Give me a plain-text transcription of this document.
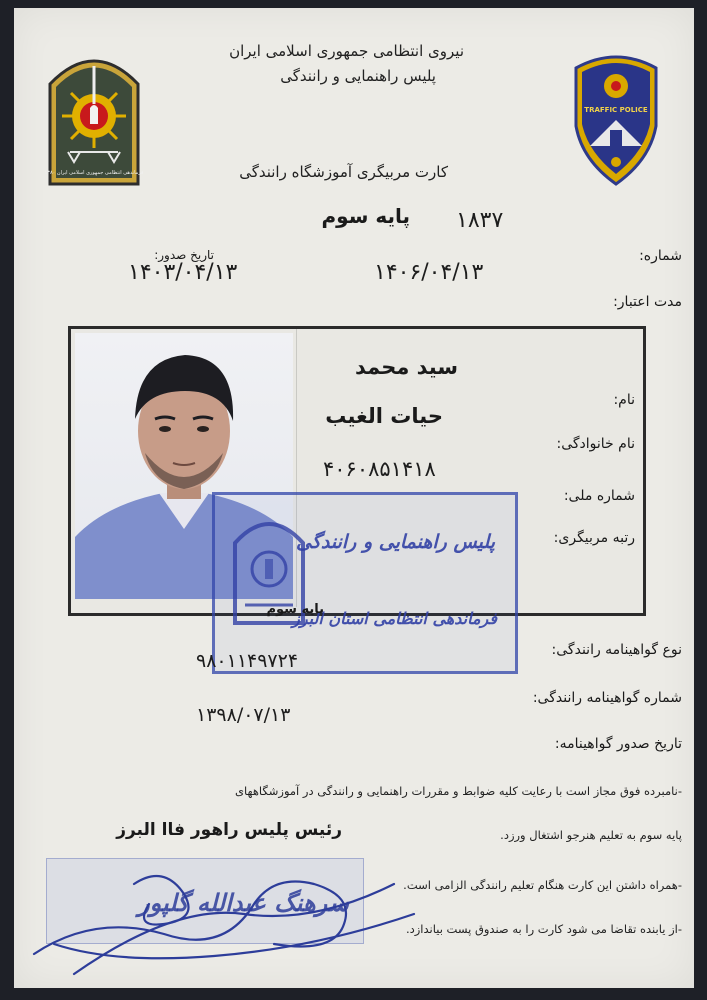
نیروی انتظامی جمهوری اسلامی ایران
پلیس راهنمایی و رانندگی
۱۳۸۰ فرماندهی انتظامی جمهوری اسلامی ایران
TRAFFIC POLICE
کارت مربیگری آموزشگاه رانندگی
۱۸۳۷
پایه سوم
شماره:
۱۴۰۶/۰۴/۱۳
۱۴۰۳/۰۴/۱۳
تاریخ صدور:
مدت اعتبار:
سید محمد
حیات الغیب
۴۰۶۰۸۵۱۴۱۸
نام:
نام خانوادگی:
شماره ملی:
رتبه مربیگری:
پلیس راهنمایی و رانندگی
فرماندهی انتظامی استان البرز
پایه سوم
نوع گواهینامه رانندگی:
۹۸۰۱۱۴۹۷۲۴
شماره گواهینامه رانندگی:
۱۳۹۸/۰۷/۱۳
تاریخ صدور گواهینامه:
-نامبرده فوق مجاز است با رعایت کلیه ضوابط و مقررات راهنمایی و رانندگی در آموزشگاههای
پایه سوم به تعلیم هنرجو اشتغال ورزد.
رئیس پلیس راهور فاا البرز
-همراه داشتن این کارت هنگام تعلیم رانندگی الزامی است.
-از یابنده تقاضا می شود کارت را به صندوق پست بیاندازد.
سرهنگ عبدالله گلپور
